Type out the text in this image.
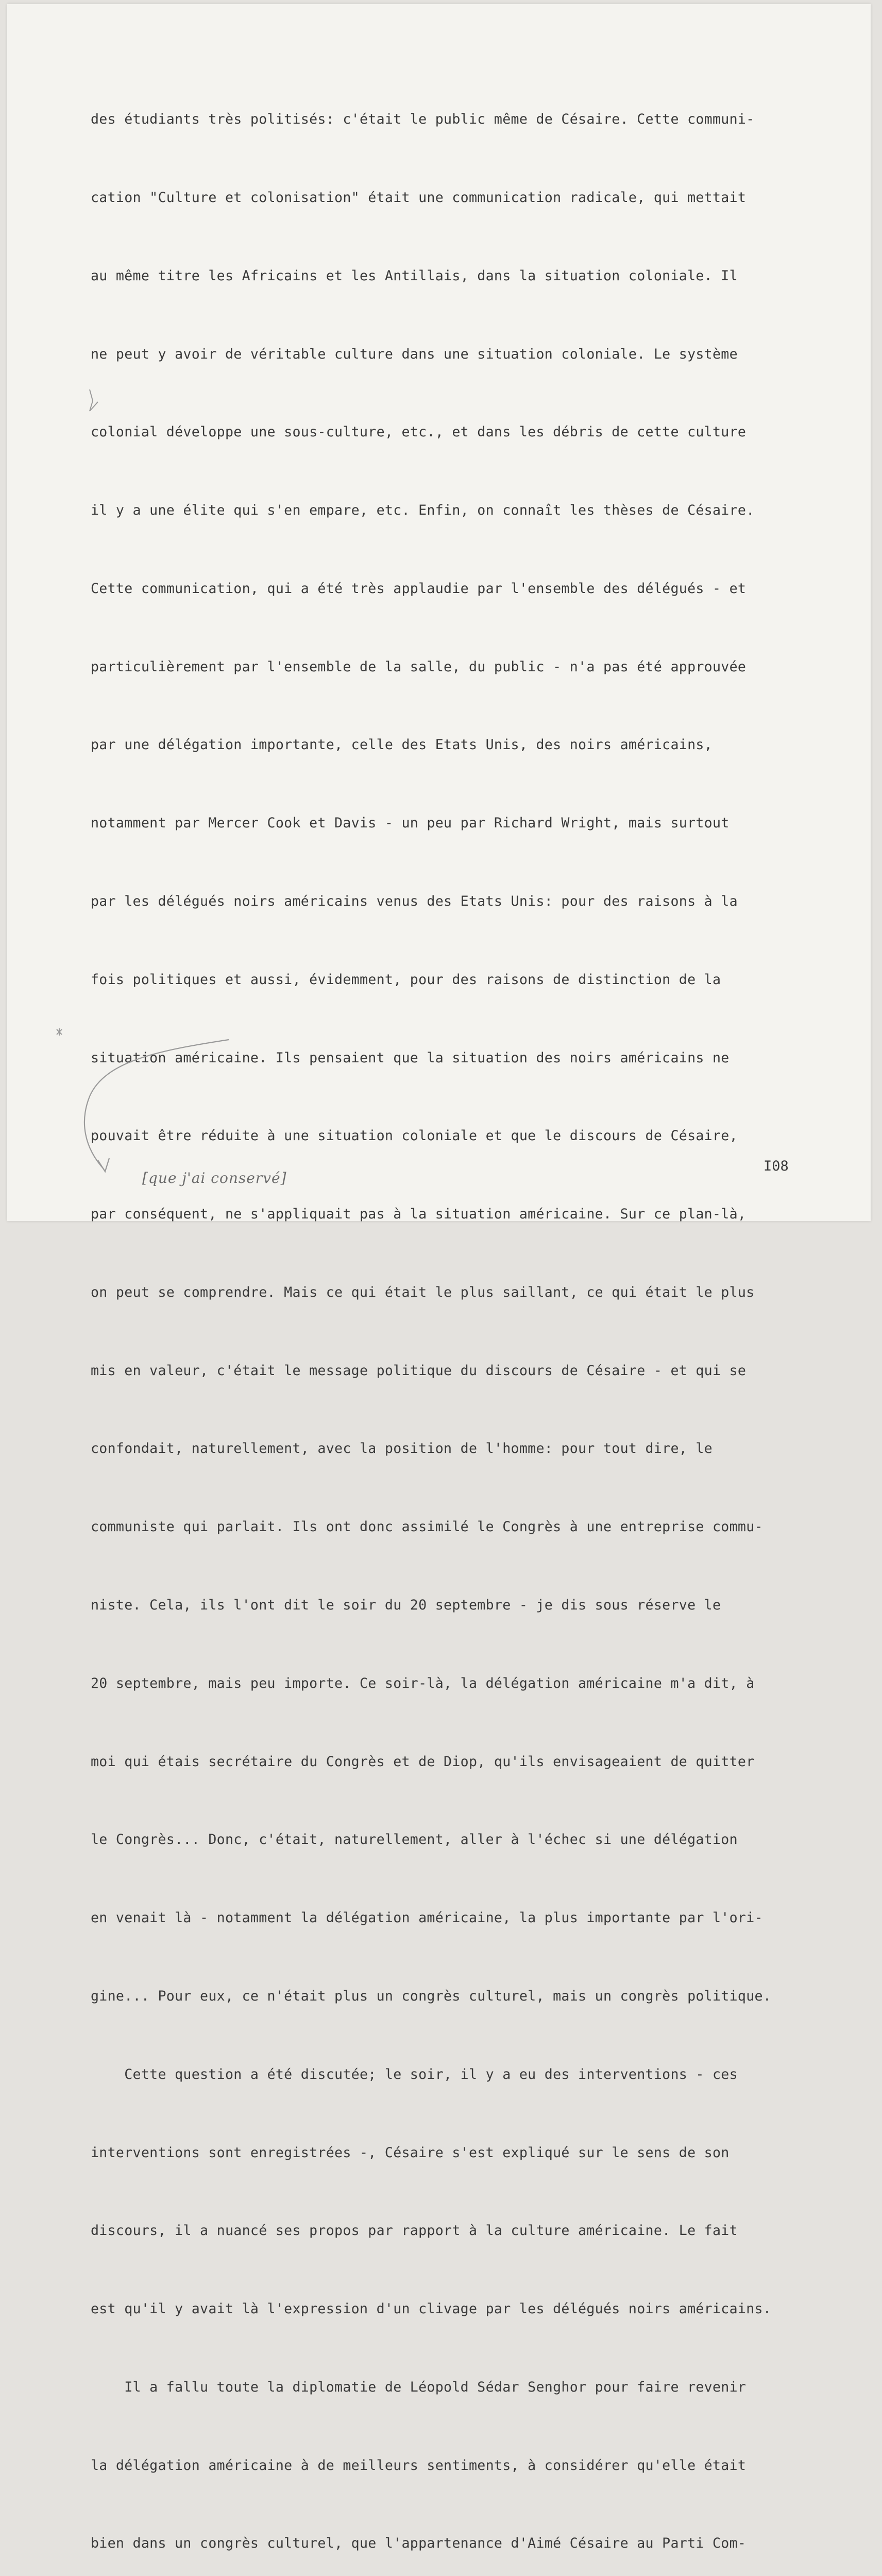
des étudiants très politisés: c'était le public même de Césaire. Cette communi-

cation "Culture et colonisation" était une communication radicale, qui mettait

au même titre les Africains et les Antillais, dans la situation coloniale. Il

ne peut y avoir de véritable culture dans une situation coloniale. Le système

colonial développe une sous-culture, etc., et dans les débris de cette culture

il y a une élite qui s'en empare, etc. Enfin, on connaît les thèses de Césaire.

Cette communication, qui a été très applaudie par l'ensemble des délégués - et

particulièrement par l'ensemble de la salle, du public - n'a pas été approuvée

par une délégation importante, celle des Etats Unis, des noirs américains,

notamment par Mercer Cook et Davis - un peu par Richard Wright, mais surtout

par les délégués noirs américains venus des Etats Unis: pour des raisons à la

fois politiques et aussi, évidemment, pour des raisons de distinction de la

situation américaine. Ils pensaient que la situation des noirs américains ne

pouvait être réduite à une situation coloniale et que le discours de Césaire,

par conséquent, ne s'appliquait pas à la situation américaine. Sur ce plan-là,

on peut se comprendre. Mais ce qui était le plus saillant, ce qui était le plus

mis en valeur, c'était le message politique du discours de Césaire - et qui se

confondait, naturellement, avec la position de l'homme: pour tout dire, le

communiste qui parlait. Ils ont donc assimilé le Congrès à une entreprise commu-

niste. Cela, ils l'ont dit le soir du 20 septembre - je dis sous réserve le

20 septembre, mais peu importe. Ce soir-là, la délégation américaine m'a dit, à

moi qui étais secrétaire du Congrès et de Diop, qu'ils envisageaient de quitter

le Congrès... Donc, c'était, naturellement, aller à l'échec si une délégation

en venait là - notamment la délégation américaine, la plus importante par l'ori-

gine... Pour eux, ce n'était plus un congrès culturel, mais un congrès politique.

Cette question a été discutée; le soir, il y a eu des interventions - ces

interventions sont enregistrées -, Césaire s'est expliqué sur le sens de son

discours, il a nuancé ses propos par rapport à la culture américaine. Le fait

est qu'il y avait là l'expression d'un clivage par les délégués noirs américains.

Il a fallu toute la diplomatie de Léopold Sédar Senghor pour faire revenir

la délégation américaine à de meilleurs sentiments, à considérer qu'elle était

bien dans un congrès culturel, que l'appartenance d'Aimé Césaire au Parti Com-

I08
[que j'ai conservé]
